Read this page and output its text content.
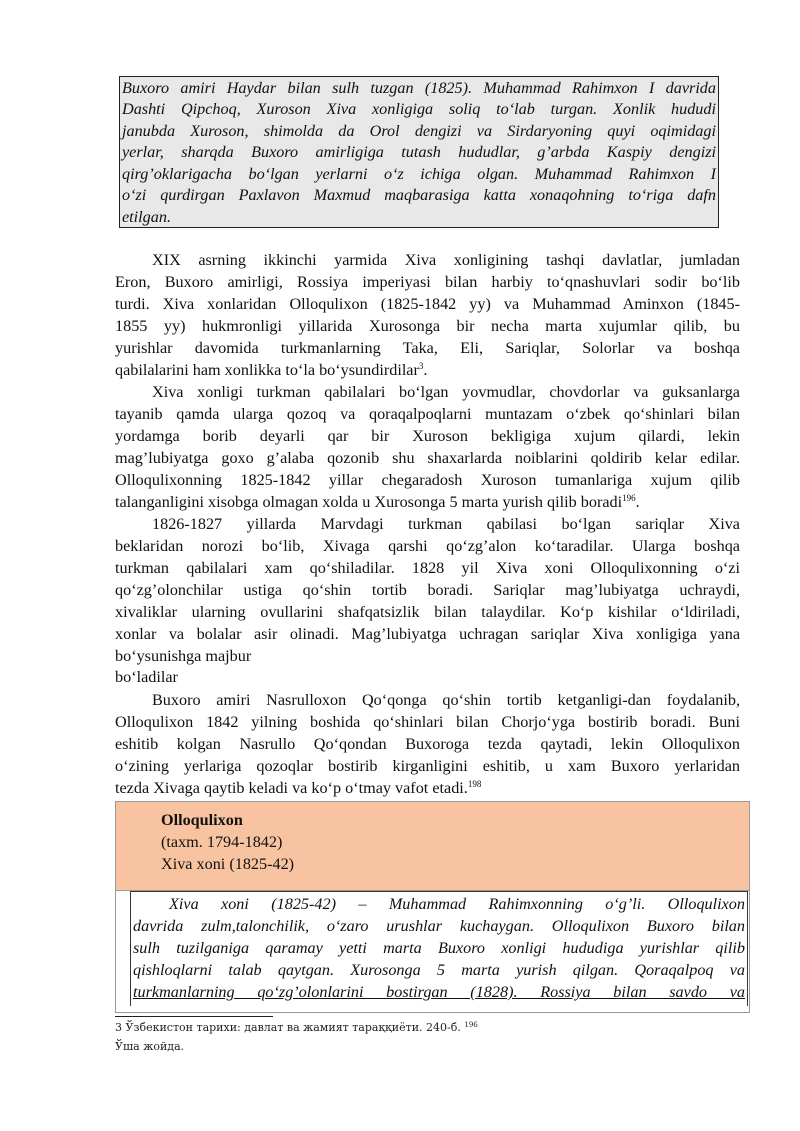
Buxoro amiri Haydar bilan sulh tuzgan (1825). Muhammad Rahimxon I davrida
Dashti Qipchoq, Xuroson Xiva xonligiga soliq to‘lab turgan. Xonlik hududi
janubda Xuroson, shimolda da Orol dengizi va Sirdaryoning quyi oqimidagi
yerlar, sharqda Buxoro amirligiga tutash hududlar, g’arbda Kaspiy dengizi
qirg’oklarigacha bo‘lgan yerlarni o‘z ichiga olgan. Muhammad Rahimxon I
o‘zi qurdirgan Paxlavon Maxmud maqbarasiga katta xonaqohning to‘riga dafn
etilgan.
XIX asrning ikkinchi yarmida Xiva xonligining tashqi davlatlar, jumladan
Eron, Buxoro amirligi, Rossiya imperiyasi bilan harbiy to‘qnashuvlari sodir bo‘lib
turdi. Xiva xonlaridan Olloqulixon (1825-1842 yy) va Muhammad Aminxon (1845-
1855 yy) hukmronligi yillarida Xurosonga bir necha marta xujumlar qilib, bu
yurishlar davomida turkmanlarning Taka, Eli, Sariqlar, Solorlar va boshqa
qabilalarini ham xonlikka to‘la bo‘ysundirdilar$^3$.
Xiva xonligi turkman qabilalari bo‘lgan yovmudlar, chovdorlar va guksanlarga
tayanib qamda ularga qozoq va qoraqalpoqlarni muntazam o‘zbek qo‘shinlari bilan
yordamga borib deyarli qar bir Xuroson bekligiga xujum qilardi, lekin
mag’lubiyatga goxo g’alaba qozonib shu shaxarlarda noiblarini qoldirib kelar edilar.
Olloqulixonning 1825-1842 yillar chegaradosh Xuroson tumanlariga xujum qilib
talanganligini xisobga olmagan xolda u Xurosonga 5 marta yurish qilib boradi$^{196}$.
1826-1827 yillarda Marvdagi turkman qabilasi bo‘lgan sariqlar Xiva
beklaridan norozi bo‘lib, Xivaga qarshi qo‘zg’alon ko‘taradilar. Ularga boshqa
turkman qabilalari xam qo‘shiladilar. 1828 yil Xiva xoni Olloqulixonning o‘zi
qo‘zg’olonchilar ustiga qo‘shin tortib boradi. Sariqlar mag’lubiyatga uchraydi,
xivaliklar ularning ovullarini shafqatsizlik bilan talaydilar. Ko‘p kishilar o‘ldiriladi,
xonlar va bolalar asir olinadi. Mag’lubiyatga uchragan sariqlar Xiva xonligiga yana
bo‘ysunishga majbur
bo‘ladilar
Buxoro amiri Nasrulloxon Qo‘qonga qo‘shin tortib ketganligi-dan foydalanib,
Olloqulixon 1842 yilning boshida qo‘shinlari bilan Chorjo‘yga bostirib boradi. Buni
eshitib kolgan Nasrullo Qo‘qondan Buxoroga tezda qaytadi, lekin Olloqulixon
o‘zining yerlariga qozoqlar bostirib kirganligini eshitib, u xam Buxoro yerlaridan
tezda Xivaga qaytib keladi va ko‘p o‘tmay vafot etadi.$^{198}$
Olloqulixon
(taxm. 1794-1842)
Xiva xoni (1825-42)
Xiva xoni (1825-42) – Muhammad Rahimxonning o‘g’li. Olloqulixon
davrida zulm,talonchilik, o‘zaro urushlar kuchaygan. Olloqulixon Buxoro bilan
sulh tuzilganiga qaramay yetti marta Buxoro xonligi hududiga yurishlar qilib
qishloqlarni talab qaytgan. Xurosonga 5 marta yurish qilgan. Qoraqalpoq va
turkmanlarning qo‘zg’olonlarini bostirgan (1828). Rossiya bilan savdo va
3 Ўзбекистон тарихи: давлат ва жамият тараққиёти. 240-б. $^{196}$
Ўша жойда.
